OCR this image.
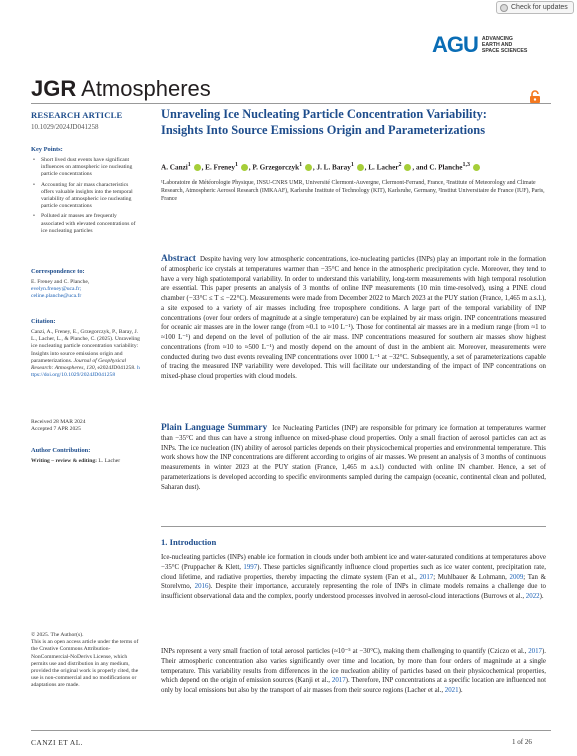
Check for updates
AGU ADVANCING
EARTH AND
SPACE SCIENCES
JGR Atmospheres
RESEARCH ARTICLE
10.1029/2024JD041258
Key Points:
• Short lived dust events have significant influences on atmospheric ice nucleating particle concentrations
• Accounting for air mass characteristics offers valuable insights into the temporal variability of atmospheric ice nucleating particle concentrations
• Polluted air masses are frequently associated with elevated concentrations of ice nucleating particles
Correspondence to:
E. Freney and C. Planche,
evelyn.freney@uca.fr;
celine.planche@uca.fr
Citation:
Canzi, A., Freney, E., Grzegorczyk, P., Baray, J. L., Lacher, L., & Planche, C. (2025). Unraveling ice nucleating particle concentration variability: Insights into source emissions origin and parameterizations. Journal of Geophysical Research: Atmospheres, 130, e2024JD041258. https://doi.org/10.1029/2024JD041258
Received 28 MAR 2024
Accepted 7 APR 2025
Author Contribution:
Writing – review & editing: L. Lacher
© 2025. The Author(s).
This is an open access article under the terms of the Creative Commons Attribution-NonCommercial-NoDerivs License, which permits use and distribution in any medium, provided the original work is properly cited, the use is non-commercial and no modifications or adaptations are made.
Unraveling Ice Nucleating Particle Concentration Variability: Insights Into Source Emissions Origin and Parameterizations
A. Canzi$^1$ , E. Freney$^1$ , P. Grzegorczyk$^1$ , J. L. Baray$^1$ , L. Lacher$^2$ , and C. Planche$^{1,3}$
¹Laboratoire de Météorologie Physique, INSU-CNRS UMR, Université Clermont-Auvergne, Clermont-Ferrand, France, ²Institute of Meteorology and Climate Research, Atmospheric Aerosol Research (IMKAAF), Karlsruhe Institute of Technology (KIT), Karlsruhe, Germany, ³Institut Universitaire de France (IUF), Paris, France
Abstract Despite having very low atmospheric concentrations, ice-nucleating particles (INPs) play an important role in the formation of atmospheric ice crystals at temperatures warmer than −35°C and hence in the atmospheric precipitation cycle. Moreover, they tend to have a very high spatiotemporal variability. In order to understand this variability, long-term measurements with high temporal resolution are essential. This paper presents an analysis of 3 months of online INP measurements (10 min time-resolved), using a PINE cloud chamber (−33°C ≤ T ≤ −22°C). Measurements were made from December 2022 to March 2023 at the PUY station (France, 1,465 m a.s.l.), a site exposed to a variety of air masses including free troposphere conditions. A large part of the temporal variability of INP concentrations (over four orders of magnitude at a single temperature) can be explained by air mass origin. INP concentrations measured for oceanic air masses are in the lower range (from ≈0.1 to ≈10 L⁻¹). Those for continental air masses are in a medium range (from ≈1 to ≈100 L⁻¹) and depend on the level of pollution of the air mass. INP concentrations measured for southern air masses show highest concentrations (from ≈10 to ≈500 L⁻¹) and mostly depend on the amount of dust in the ambient air. Moreover, measurements were conducted during two dust events revealing INP concentrations over 1000 L⁻¹ at −32°C. Subsequently, a set of parameterizations capable of tracing the measured INP variability were developed. This will facilitate our understanding of the impact of INP concentrations on mixed-phase cloud properties with cloud models.
Plain Language Summary Ice Nucleating Particles (INP) are responsible for primary ice formation at temperatures warmer than −35°C and thus can have a strong influence on mixed-phase cloud properties. Only a small fraction of aerosol particles can act as INPs. The ice nucleation (IN) ability of aerosol particles depends on their physicochemical properties and environmental temperature. This work shows how the INP concentrations are different according to origins of air masses. We present an analysis of 3 months of continuous measurements in winter 2023 at the PUY station (France, 1,465 m a.s.l) conducted with online IN chamber. Hence, a set of parameterizations is developed according to specific environments sampled during the campaign (oceanic, continental clean and polluted, Saharan dust).
1. Introduction
Ice-nucleating particles (INPs) enable ice formation in clouds under both ambient ice and water-saturated conditions at temperatures above −35°C (Pruppacher & Klett, 1997). These particles significantly influence cloud properties such as ice water content, precipitation rate, cloud lifetime, and radiative properties, thereby impacting the climate system (Fan et al., 2017; Muhlbauer & Lohmann, 2009; Tan & Storelvmo, 2016). Despite their importance, accurately representing the role of INPs in climate models remains a challenge due to insufficient observational data and the complex, poorly understood processes involved in aerosol-cloud interactions (Burrows et al., 2022).
INPs represent a very small fraction of total aerosol particles (≈10⁻⁵ at −30°C), making them challenging to quantify (Cziczo et al., 2017). Their atmospheric concentration also varies significantly over time and location, by more than four orders of magnitude at a single temperature. This variability results from differences in the ice nucleation ability of particles based on their physicochemical properties, which depend on the origin of emission sources (Kanji et al., 2017). Therefore, INP concentrations at a specific location are influenced not only by local emissions but also by the transport of air masses from their source regions (Lacher et al., 2021).
CANZI ET AL.	1 of 26
